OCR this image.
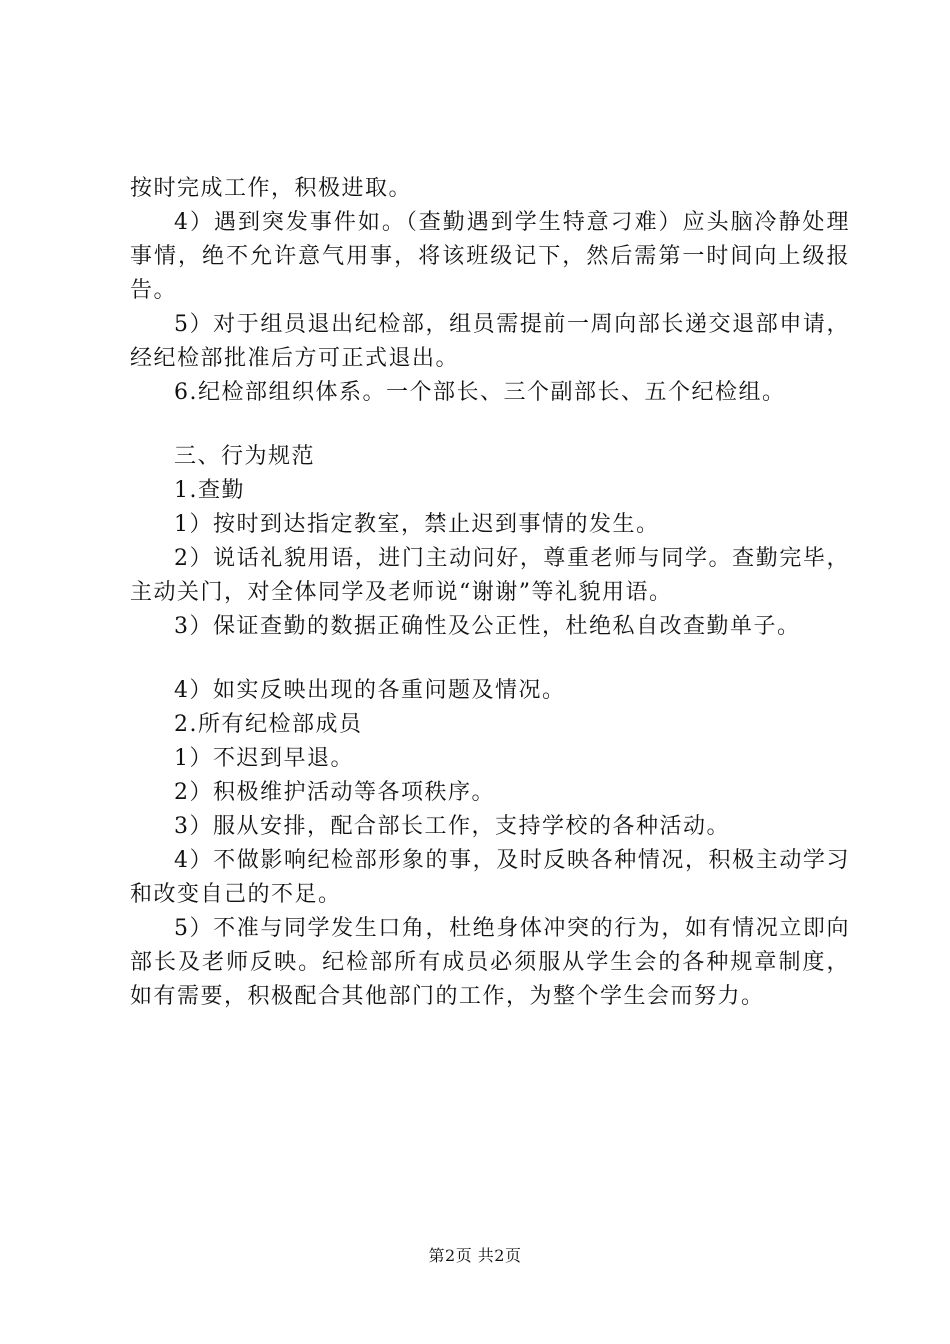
按时完成工作，积极进取。

4）遇到突发事件如。（查勤遇到学生特意刁难）应头脑冷静处理事情，绝不允许意气用事，将该班级记下，然后需第一时间向上级报告。

5）对于组员退出纪检部，组员需提前一周向部长递交退部申请，经纪检部批准后方可正式退出。

6.纪检部组织体系。一个部长、三个副部长、五个纪检组。

三、行为规范

1.查勤

1）按时到达指定教室，禁止迟到事情的发生。

2）说话礼貌用语，进门主动问好，尊重老师与同学。查勤完毕，主动关门，对全体同学及老师说“谢谢”等礼貌用语。

3）保证查勤的数据正确性及公正性，杜绝私自改查勤单子。

4）如实反映出现的各重问题及情况。

2.所有纪检部成员

1）不迟到早退。

2）积极维护活动等各项秩序。

3）服从安排，配合部长工作，支持学校的各种活动。

4）不做影响纪检部形象的事，及时反映各种情况，积极主动学习和改变自己的不足。

5）不准与同学发生口角，杜绝身体冲突的行为，如有情况立即向部长及老师反映。纪检部所有成员必须服从学生会的各种规章制度，如有需要，积极配合其他部门的工作，为整个学生会而努力。

第2页 共2页
